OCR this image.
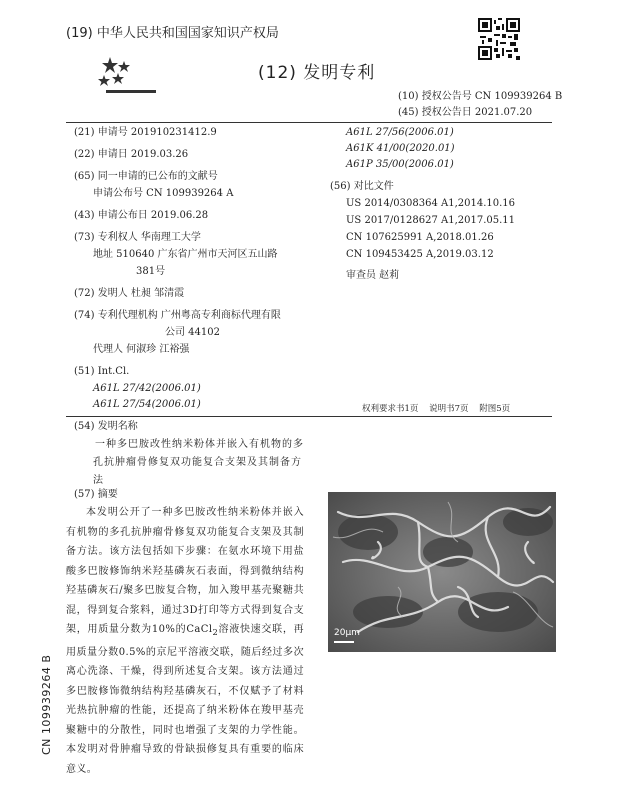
(19) 中华人民共和国国家知识产权局
(12) 发明专利
(10) 授权公告号 CN 109939264 B
(45) 授权公告日 2021.07.20
(21) 申请号 201910231412.9
(22) 申请日 2019.03.26
(65) 同一申请的已公布的文献号
申请公布号 CN 109939264 A
(43) 申请公布日 2019.06.28
(73) 专利权人 华南理工大学
地址 510640 广东省广州市天河区五山路
381号
(72) 发明人 杜昶 邹清霞
(74) 专利代理机构 广州粤高专利商标代理有限
公司 44102
代理人 何淑珍 江裕强
(51) Int.Cl.
A61L 27/42(2006.01)
A61L 27/54(2006.01)
A61L 27/56(2006.01)
A61K 41/00(2020.01)
A61P 35/00(2006.01)
(56) 对比文件
US 2014/0308364 A1,2014.10.16
US 2017/0128627 A1,2017.05.11
CN 107625991 A,2018.01.26
CN 109453425 A,2019.03.12
审查员 赵莉
权利要求书1页 说明书7页 附图5页
(54) 发明名称
一种多巴胺改性纳米粉体并嵌入有机物的多孔抗肿瘤骨修复双功能复合支架及其制备方法
(57) 摘要
本发明公开了一种多巴胺改性纳米粉体并嵌入有机物的多孔抗肿瘤骨修复双功能复合支架及其制备方法。该方法包括如下步骤：在氨水环境下用盐酸多巴胺修饰纳米羟基磷灰石表面，得到微纳结构羟基磷灰石/聚多巴胺复合物，加入羧甲基壳聚糖共混，得到复合浆料，通过3D打印等方式得到复合支架，用质量分数为10%的CaCl$_2$溶液快速交联，再用质量分数0.5%的京尼平溶液交联，随后经过多次离心洗涤、干燥，得到所述复合支架。该方法通过多巴胺修饰微纳结构羟基磷灰石，不仅赋予了材料光热抗肿瘤的性能，还提高了纳米粉体在羧甲基壳聚糖中的分散性，同时也增强了支架的力学性能。本发明对骨肿瘤导致的骨缺损修复具有重要的临床意义。
20μm
CN 109939264 B
